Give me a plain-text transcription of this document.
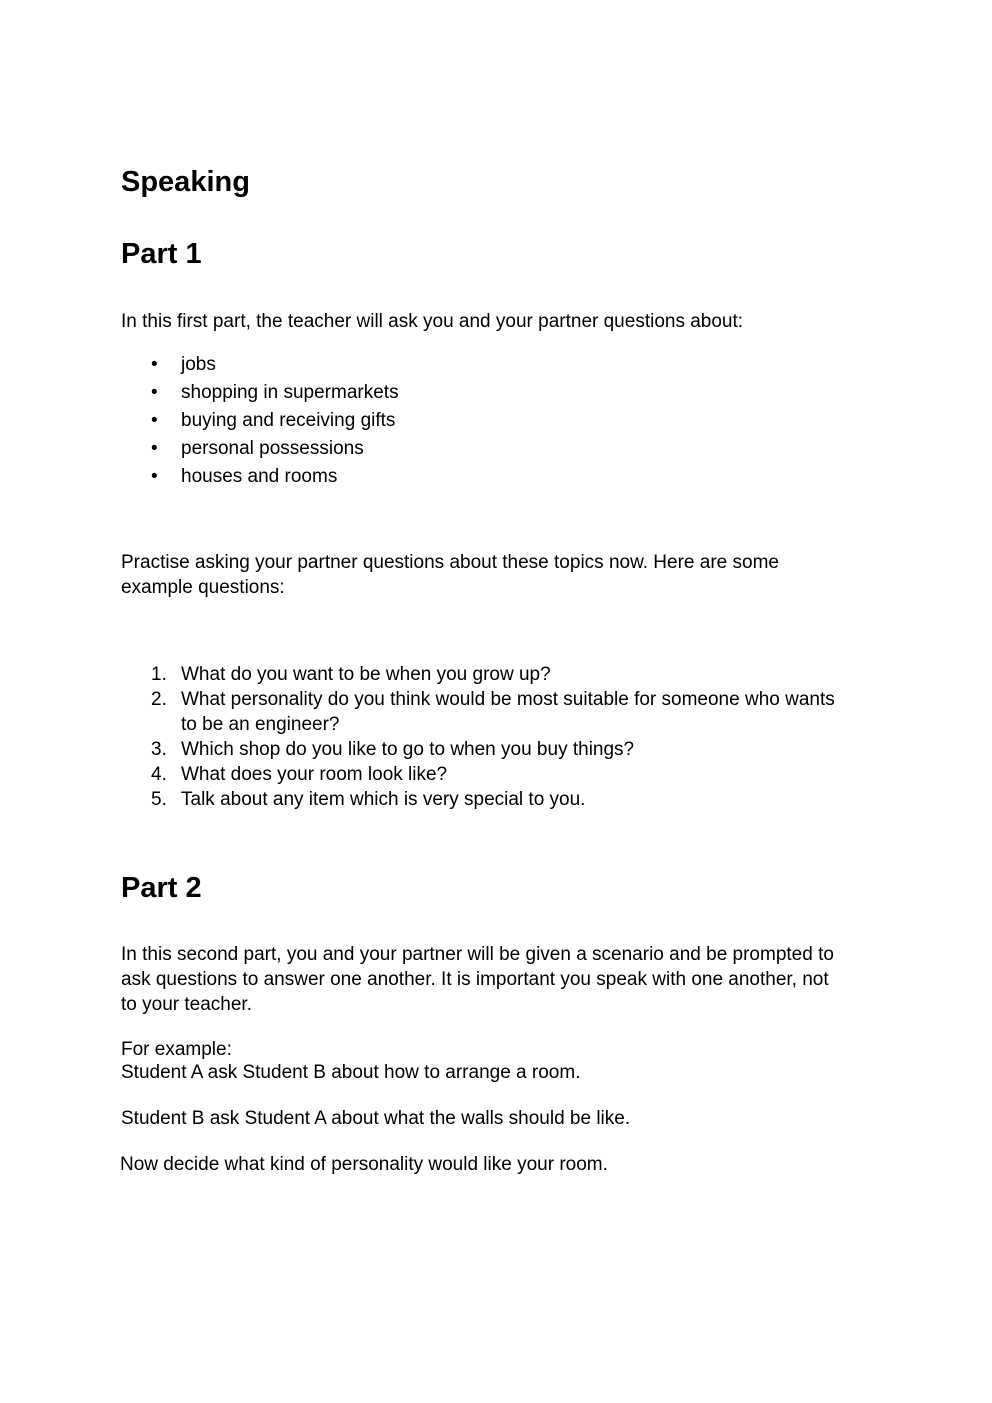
Speaking
Part 1

In this first part, the teacher will ask you and your partner questions about:

• jobs
• shopping in supermarkets
• buying and receiving gifts
• personal possessions
• houses and rooms
Practise asking your partner questions about these topics now. Here are some
example questions:
1. What do you want to be when you grow up?
2. What personality do you think would be most suitable for someone who wants
to be an engineer?
3. Which shop do you like to go to when you buy things?
4. What does your room look like?
5. Talk about any item which is very special to you.
Part 2
In this second part, you and your partner will be given a scenario and be prompted to
ask questions to answer one another. It is important you speak with one another, not
to your teacher.
For example:
Student A ask Student B about how to arrange a room.

Student B ask Student A about what the walls should be like.

Now decide what kind of personality would like your room.
